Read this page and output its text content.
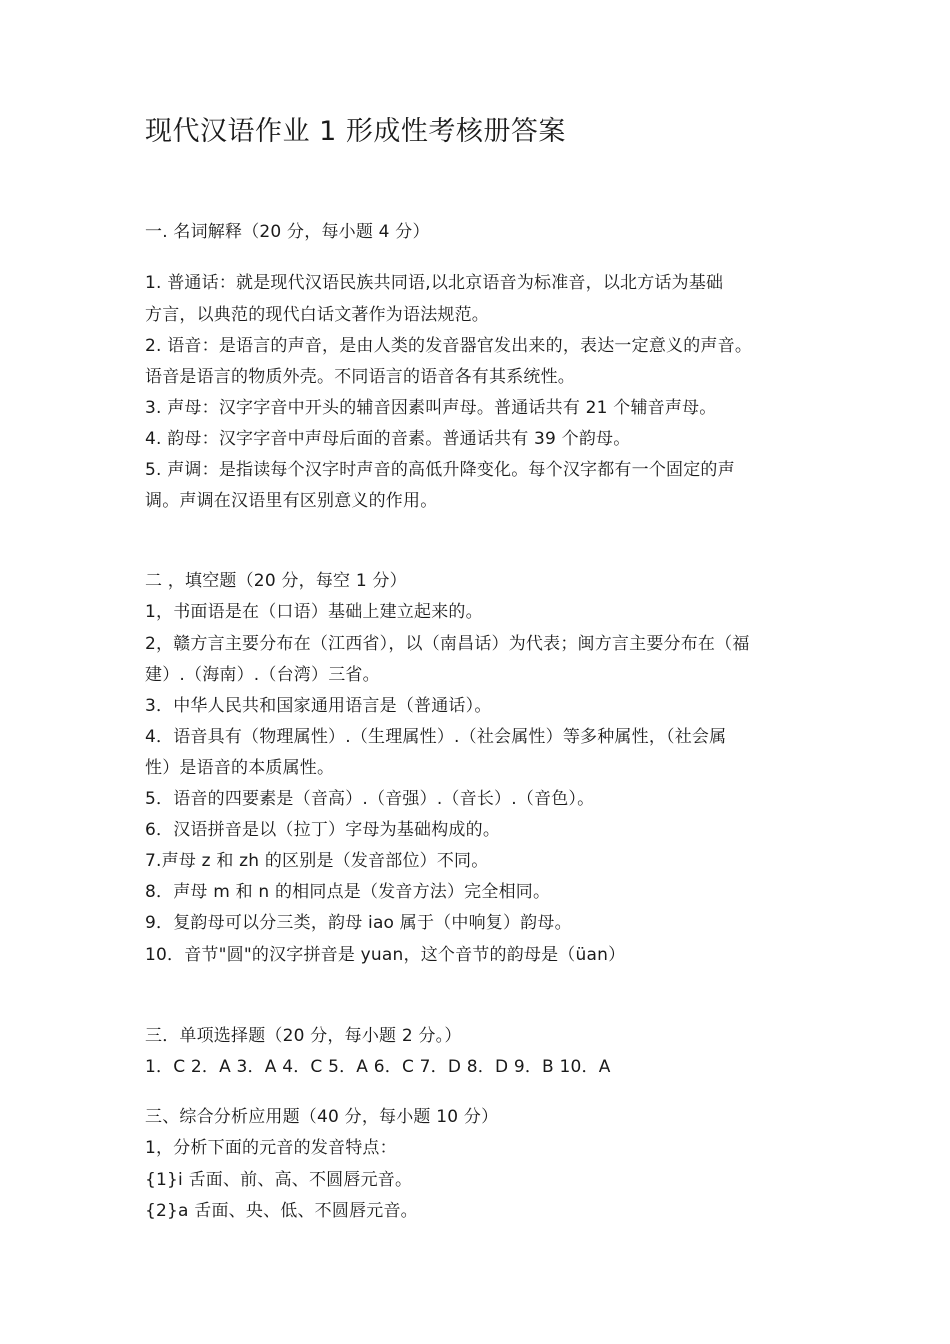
现代汉语作业 1 形成性考核册答案
一. 名词解释（20 分，每小题 4 分）
1. 普通话：就是现代汉语民族共同语,以北京语音为标准音，以北方话为基础
方言，以典范的现代白话文著作为语法规范。
2. 语音：是语言的声音，是由人类的发音器官发出来的，表达一定意义的声音。
语音是语言的物质外壳。不同语言的语音各有其系统性。
3. 声母：汉字字音中开头的辅音因素叫声母。普通话共有 21 个辅音声母。
4. 韵母：汉字字音中声母后面的音素。普通话共有 39 个韵母。
5. 声调：是指读每个汉字时声音的高低升降变化。每个汉字都有一个固定的声
调。声调在汉语里有区别意义的作用。
二 ，填空题（20 分，每空 1 分）
1，书面语是在（口语）基础上建立起来的。
2，赣方言主要分布在（江西省），以（南昌话）为代表；闽方言主要分布在（福
建）.（海南）.（台湾）三省。
3．中华人民共和国家通用语言是（普通话）。
4．语音具有（物理属性）.（生理属性）.（社会属性）等多种属性，（社会属
性）是语音的本质属性。
5．语音的四要素是（音高）.（音强）.（音长）.（音色）。
6．汉语拼音是以（拉丁）字母为基础构成的。
7.声母 z 和 zh 的区别是（发音部位）不同。
8．声母 m 和 n 的相同点是（发音方法）完全相同。
9．复韵母可以分三类，韵母 iao 属于（中响复）韵母。
10．音节"圆"的汉字拼音是 yuan，这个音节的韵母是（üan）
三．单项选择题（20 分，每小题 2 分。）
1．C 2．A 3．A 4．C 5．A 6．C 7．D 8．D 9．B 10．A
三、综合分析应用题（40 分，每小题 10 分）
1，分析下面的元音的发音特点：
{1}i 舌面、前、高、不圆唇元音。
{2}a 舌面、央、低、不圆唇元音。
